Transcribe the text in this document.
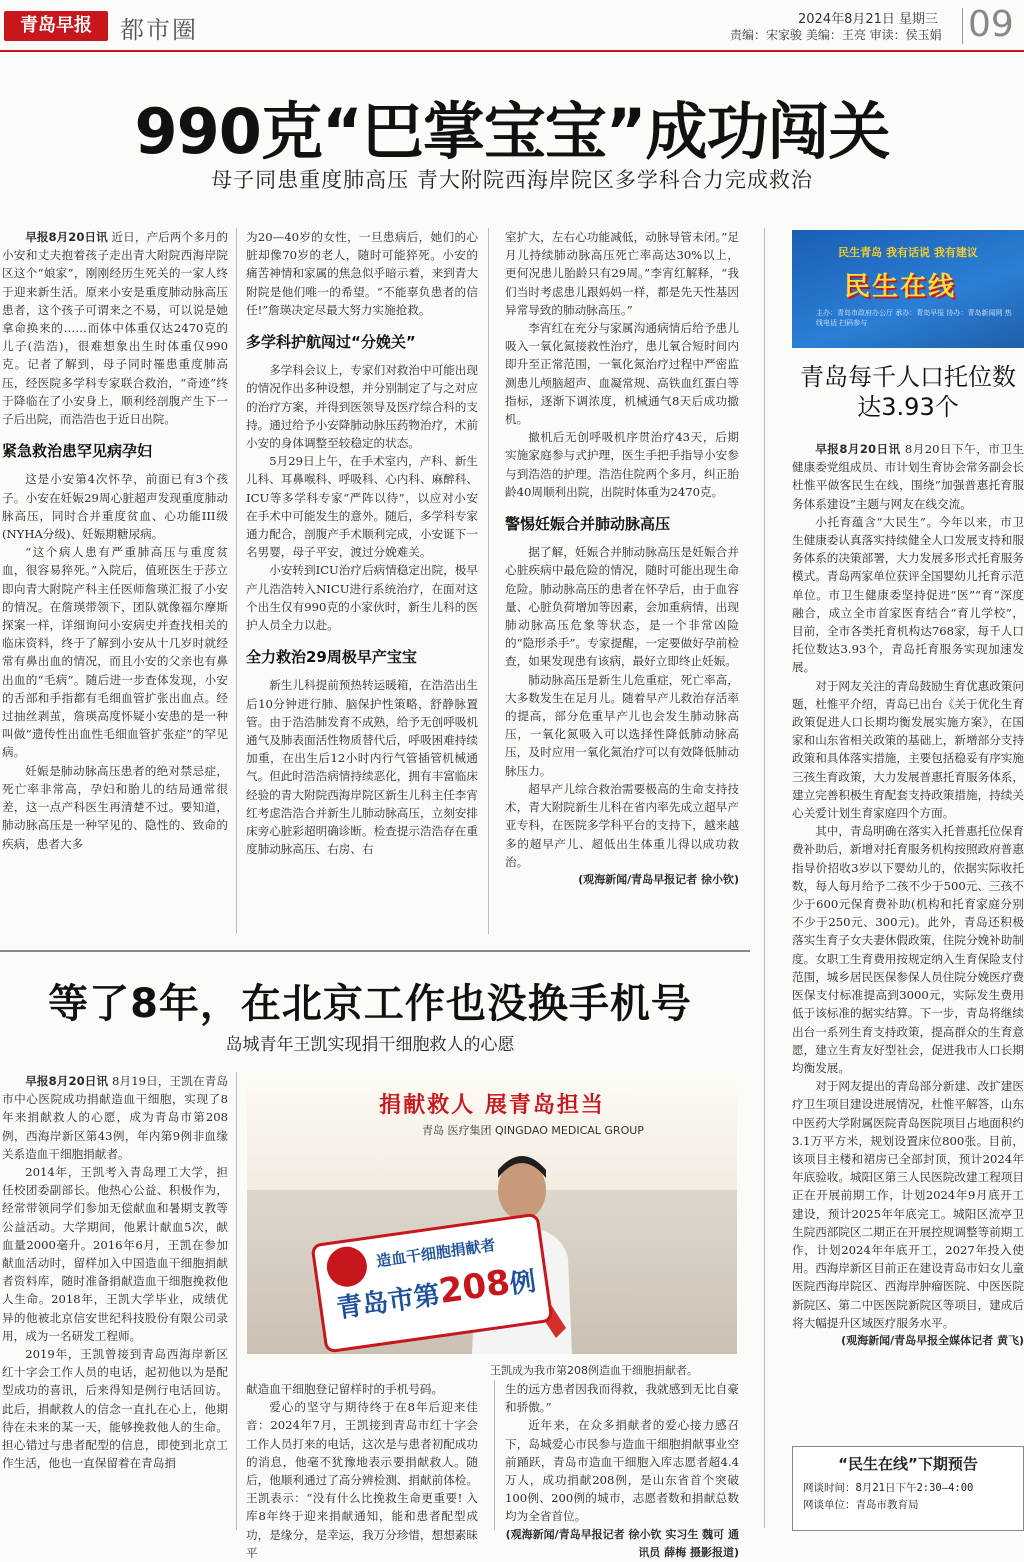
青岛早报	都市圈	2024年8月21日 星期三
责编：宋家骏 美编：王亮 审读：侯玉娟 09
990克“巴掌宝宝”成功闯关
母子同患重度肺高压 青大附院西海岸院区多学科合力完成救治

早报8月20日讯 近日，产后两个多月的小安和丈夫抱着孩子走出青大附院西海岸院区这个“娘家”，刚刚经历生死关的一家人终于迎来新生活。原来小安是重度肺动脉高压患者，这个孩子可谓来之不易，可以说是她拿命换来的……而体中体重仅达2470克的儿子(浩浩)，很难想象出生时体重仅990克。记者了解到，母子同时罹患重度肺高压，经医院多学科专家联合救治，“奇迹”终于降临在了小安身上，顺利经剖腹产生下一子后出院，而浩浩也于近日出院。

紧急救治患罕见病孕妇

这是小安第4次怀孕，前面已有3个孩子。小安在妊娠29周心脏超声发现重度肺动脉高压，同时合并重度贫血、心功能III级(NYHA分级)、妊娠期糖尿病。

“这个病人患有严重肺高压与重度贫血，很容易猝死。”入院后，值班医生于莎立即向青大附院产科主任医师詹瑛汇报了小安的情况。在詹瑛带领下，团队就像福尔摩斯探案一样，详细询问小安病史并查找相关的临床资料，终于了解到小安从十几岁时就经常有鼻出血的情况，而且小安的父亲也有鼻出血的“毛病”。随后进一步查体发现，小安的舌部和手指都有毛细血管扩张出血点。经过抽丝剥茧，詹瑛高度怀疑小安患的是一种叫做“遗传性出血性毛细血管扩张症”的罕见病。

妊娠是肺动脉高压患者的绝对禁忌症，死亡率非常高，孕妇和胎儿的结局通常很差，这一点产科医生再清楚不过。要知道，肺动脉高压是一种罕见的、隐性的、致命的疾病，患者大多

为20—40岁的女性，一旦患病后，她们的心脏却像70岁的老人，随时可能猝死。小安的痛苦神情和家属的焦急似乎暗示着，来到青大附院是他们唯一的希望。“不能辜负患者的信任!”詹瑛决定尽最大努力实施抢救。

多学科护航闯过“分娩关”

多学科会议上，专家们对救治中可能出现的情况作出多种设想，并分别制定了与之对应的治疗方案，并得到医领导及医疗综合科的支持。通过给予小安降肺动脉压药物治疗，术前小安的身体调整至较稳定的状态。

5月29日上午，在手术室内，产科、新生儿科、耳鼻喉科、呼吸科、心内科、麻醉科、ICU等多学科专家“严阵以待”，以应对小安在手术中可能发生的意外。随后，多学科专家通力配合，剖腹产手术顺利完成，小安诞下一名男婴，母子平安，渡过分娩难关。

小安转到ICU治疗后病情稳定出院，极早产儿浩浩转入NICU进行系统治疗，在面对这个出生仅有990克的小家伙时，新生儿科的医护人员全力以赴。

全力救治29周极早产宝宝

新生儿科提前预热转运暖箱，在浩浩出生后10分钟进行肺、脑保护性策略，舒静脉置管。由于浩浩肺发育不成熟，给予无创呼吸机通气及肺表面活性物质替代后，呼吸困难持续加重，在出生后12小时内行气管插管机械通气。但此时浩浩病情持续恶化，拥有丰富临床经验的青大附院西海岸院区新生儿科主任李宵红考虑浩浩合并新生儿肺动脉高压，立刻安排床旁心脏彩超明确诊断。检查提示浩浩存在重度肺动脉高压、右房、右

室扩大，左右心功能减低，动脉导管未闭。”足月儿持续肺动脉高压死亡率高达30%以上，更何况患儿胎龄只有29周。”李宵红解释，“我们当时考虑患儿跟妈妈一样，都是先天性基因异常导致的肺动脉高压。”

李宵红在充分与家属沟通病情后给予患儿吸入一氧化氮接救性治疗，患儿氧合短时间内即升至正常范围，一氧化氮治疗过程中严密监测患儿颅脑超声、血凝常规、高铁血红蛋白等指标，逐渐下调浓度，机械通气8天后成功撤机。

撤机后无创呼吸机序贯治疗43天，后期实施家庭参与式护理，医生手把手指导小安参与到浩浩的护理。浩浩住院两个多月，纠正胎龄40周顺利出院，出院时体重为2470克。

警惕妊娠合并肺动脉高压

据了解，妊娠合并肺动脉高压是妊娠合并心脏疾病中最危险的情况，随时可能出现生命危险。肺动脉高压的患者在怀孕后，由于血容量、心脏负荷增加等因素，会加重病情，出现肺动脉高压危象等状态，是一个非常凶险的“隐形杀手”。专家提醒，一定要做好孕前检查，如果发现患有该病，最好立即终止妊娠。

肺动脉高压是新生儿危重症，死亡率高，大多数发生在足月儿。随着早产儿救治存活率的提高，部分危重早产儿也会发生肺动脉高压，一氧化氮吸入可以选择性降低肺动脉高压，及时应用一氧化氮治疗可以有效降低肺动脉压力。

超早产儿综合救治需要极高的生命支持技术，青大附院新生儿科在省内率先成立超早产亚专科，在医院多学科平台的支持下，越来越多的超早产儿、超低出生体重儿得以成功救治。

(观海新闻/青岛早报记者 徐小钦)

等了8年，在北京工作也没换手机号
岛城青年王凯实现捐干细胞救人的心愿

早报8月20日讯 8月19日，王凯在青岛市中心医院成功捐献造血干细胞，实现了8年来捐献救人的心愿，成为青岛市第208例，西海岸新区第43例，年内第9例非血缘关系造血干细胞捐献者。

2014年，王凯考入青岛理工大学，担任校团委副部长。他热心公益、积极作为，经常带领同学们参加无偿献血和暑期支教等公益活动。大学期间，他累计献血5次，献血量2000毫升。2016年6月，王凯在参加献血活动时，留样加入中国造血干细胞捐献者资料库，随时准备捐献造血干细胞挽救他人生命。2018年，王凯大学毕业，成绩优异的他被北京信安世纪科技股份有限公司录用，成为一名研发工程师。

2019年，王凯曾接到青岛西海岸新区红十字会工作人员的电话，起初他以为是配型成功的喜讯，后来得知是例行电话回访。此后，捐献救人的信念一直扎在心上，他期待在未来的某一天，能够挽救他人的生命。担心错过与患者配型的信息，即使到北京工作生活，他也一直保留着在青岛捐

捐献救人 展青岛担当
青岛 医疗集团 QINGDAO MEDICAL GROUP
造血干细胞捐献者
青岛市第208例
王凯成为我市第208例造血干细胞捐献者。

献造血干细胞登记留样时的手机号码。

爱心的坚守与期待终于在8年后迎来佳音：2024年7月，王凯接到青岛市红十字会工作人员打来的电话，这次是与患者初配成功的消息，他毫不犹豫地表示要捐献救人。随后，他顺利通过了高分辨检测、捐献前体检。王凯表示：“没有什么比挽救生命更重要! 入库8年终于迎来捐献通知，能和患者配型成功，是缘分，是幸运，我万分珍惜，想想素昧平

生的远方患者因我而得救，我就感到无比自豪和骄傲。”

近年来，在众多捐献者的爱心接力感召下，岛城爱心市民参与造血干细胞捐献事业空前踊跃，青岛市造血干细胞入库志愿者超4.4万人，成功捐献208例，是山东省首个突破100例、200例的城市，志愿者数和捐献总数均为全省首位。

(观海新闻/青岛早报记者 徐小钦 实习生 魏可 通讯员 薛梅 摄影报道)

民生青岛 我有话说 我有建议
民生在线
主办：青岛市政府办公厅 承办：青岛早报 协办：青岛新闻网 热线电话 扫码参与
青岛每千人口托位数达3.93个

早报8月20日讯 8月20日下午，市卫生健康委党组成员、市计划生育协会常务副会长杜惟平做客民生在线，围绕“加强普惠托育服务体系建设”主题与网友在线交流。

小托育蕴含“大民生”。今年以来，市卫生健康委认真落实持续健全人口发展支持和服务体系的决策部署，大力发展多形式托育服务模式。青岛两家单位获评全国婴幼儿托育示范单位。市卫生健康委坚持促进“医”“育”深度融合，成立全市首家医育结合“育儿学校”，目前，全市各类托育机构达768家，每千人口托位数达3.93个，青岛托育服务实现加速发展。

对于网友关注的青岛鼓励生育优惠政策问题，杜惟平介绍，青岛已出台《关于优化生育政策促进人口长期均衡发展实施方案》，在国家和山东省相关政策的基础上，新增部分支持政策和具体落实措施，主要包括稳妥有序实施三孩生育政策，大力发展普惠托育服务体系，建立完善积极生育配套支持政策措施，持续关心关爱计划生育家庭四个方面。

其中，青岛明确在落实入托普惠托位保育费补助后，新增对托育服务机构按照政府普惠指导价招收3岁以下婴幼儿的，依据实际收托数，每人每月给予二孩不少于500元、三孩不少于600元保育费补助(机构和托育家庭分别不少于250元、300元)。此外，青岛还积极落实生育子女夫妻休假政策，住院分娩补助制度。女职工生育费用按规定纳入生育保险支付范围，城乡居民医保参保人员住院分娩医疗费医保支付标准提高到3000元，实际发生费用低于该标准的据实结算。下一步，青岛将继续出台一系列生育支持政策，提高群众的生育意愿，建立生育友好型社会，促进我市人口长期均衡发展。

对于网友提出的青岛部分新建、改扩建医疗卫生项目建设进展情况，杜惟平解答，山东中医药大学附属医院青岛医院项目占地面积约3.1万平方米，规划设置床位800张。目前，该项目主楼和裙房已全部封顶，预计2024年年底验收。城阳区第三人民医院改建工程项目正在开展前期工作，计划2024年9月底开工建设，预计2025年年底完工。城阳区流亭卫生院西部院区二期正在开展控规调整等前期工作，计划2024年年底开工，2027年投入使用。西海岸新区目前正在建设青岛市妇女儿童医院西海岸院区、西海岸肿瘤医院、中医医院新院区、第二中医医院新院区等项目，建成后将大幅提升区域医疗服务水平。

(观海新闻/青岛早报全媒体记者 黄飞)

“民生在线”下期预告
网谈时间：8月21日下午2:30—4:00
网谈单位：青岛市教育局
